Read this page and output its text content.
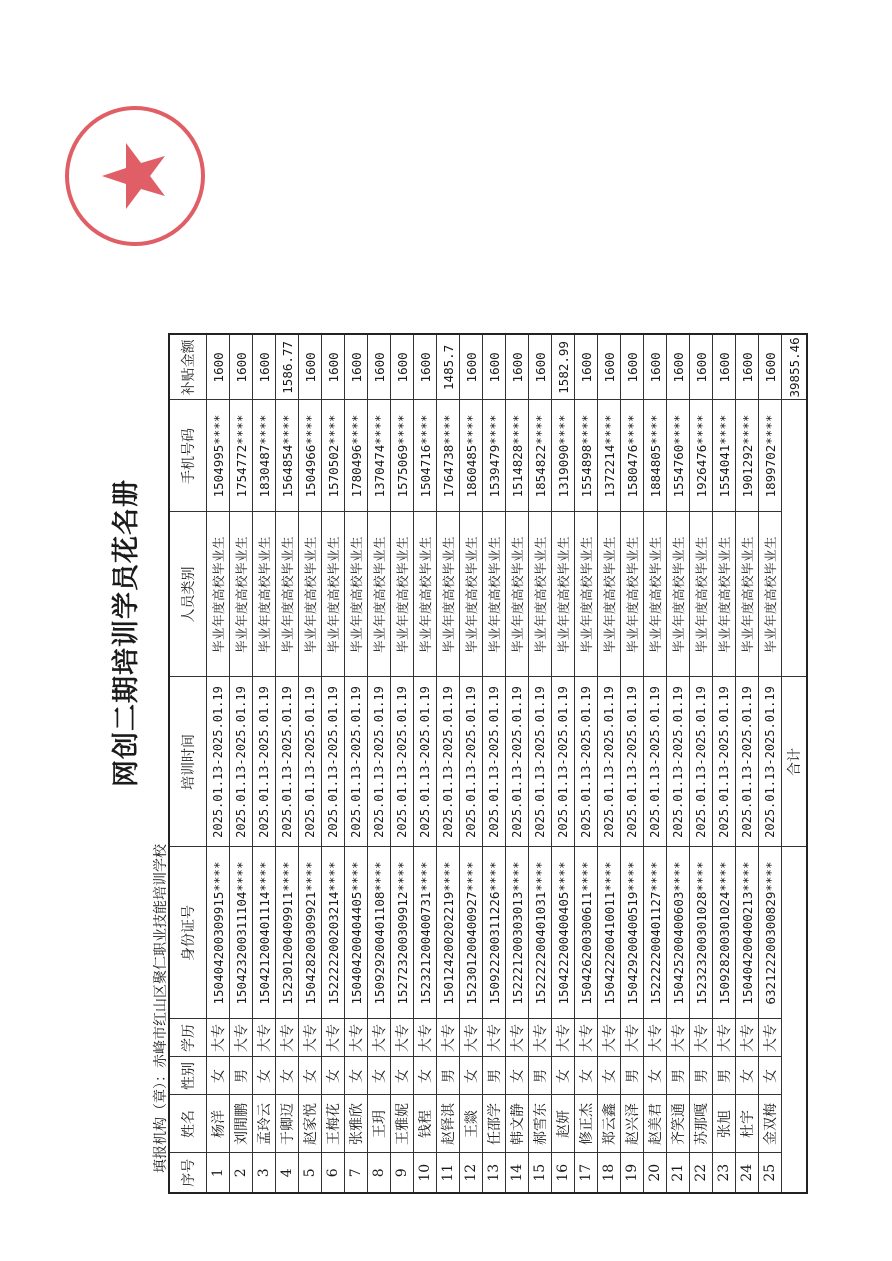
网创二期培训学员花名册
填报机构（章）：赤峰市红山区聚仁职业技能培训学校
序号	姓名	性别	学历	身份证号	培训时间	人员类别	手机号码	补贴金额
1	杨洋	女	大专	150404200309915****	2025.01.13-2025.01.19	毕业年度高校毕业生	1504995****	1600
2	刘閒鹏	男	大专	150423200311104****	2025.01.13-2025.01.19	毕业年度高校毕业生	1754772****	1600
3	孟玲云	女	大专	150421200401114****	2025.01.13-2025.01.19	毕业年度高校毕业生	1830487****	1600
4	于卿迈	女	大专	152301200409911****	2025.01.13-2025.01.19	毕业年度高校毕业生	1564854****	1586.77
5	赵家悦	女	大专	150428200309921****	2025.01.13-2025.01.19	毕业年度高校毕业生	1504966****	1600
6	王梅花	女	大专	152222200203214****	2025.01.13-2025.01.19	毕业年度高校毕业生	1570502****	1600
7	张雅欣	女	大专	150404200404405****	2025.01.13-2025.01.19	毕业年度高校毕业生	1780496****	1600
8	王玥	女	大专	150929200401108****	2025.01.13-2025.01.19	毕业年度高校毕业生	1370474****	1600
9	王雅妮	女	大专	152723200309912****	2025.01.13-2025.01.19	毕业年度高校毕业生	1575069****	1600
10	钱程	女	大专	152321200400731****	2025.01.13-2025.01.19	毕业年度高校毕业生	1504716****	1600
11	赵铎淇	男	大专	150124200202219****	2025.01.13-2025.01.19	毕业年度高校毕业生	1764738****	1485.7
12	王燚	女	大专	152301200400927****	2025.01.13-2025.01.19	毕业年度高校毕业生	1860485****	1600
13	任邵学	男	大专	150922200311226****	2025.01.13-2025.01.19	毕业年度高校毕业生	1539479****	1600
14	韩文静	女	大专	152221200303013****	2025.01.13-2025.01.19	毕业年度高校毕业生	1514828****	1600
15	郝雪东	男	大专	152222200401031****	2025.01.13-2025.01.19	毕业年度高校毕业生	1854822****	1600
16	赵妍	女	大专	150422200400405****	2025.01.13-2025.01.19	毕业年度高校毕业生	1319090****	1582.99
17	修正杰	女	大专	150426200300611****	2025.01.13-2025.01.19	毕业年度高校毕业生	1554898****	1600
18	郑云鑫	女	大专	150422200410011****	2025.01.13-2025.01.19	毕业年度高校毕业生	1372214****	1600
19	赵兴泽	男	大专	150429200400519****	2025.01.13-2025.01.19	毕业年度高校毕业生	1580476****	1600
20	赵美君	女	大专	152222200401127****	2025.01.13-2025.01.19	毕业年度高校毕业生	1884805****	1600
21	齐笑通	男	大专	150425200400603****	2025.01.13-2025.01.19	毕业年度高校毕业生	1554760****	1600
22	苏那嘎	男	大专	152323200301028****	2025.01.13-2025.01.19	毕业年度高校毕业生	1926476****	1600
23	张旭	男	大专	150928200301024****	2025.01.13-2025.01.19	毕业年度高校毕业生	1554041****	1600
24	杜宇	女	大专	150404200400213****	2025.01.13-2025.01.19	毕业年度高校毕业生	1901292****	1600
25	金双梅	女	大专	632122200300829****	2025.01.13-2025.01.19	毕业年度高校毕业生	1899702****	1600
					合计			39855.46
